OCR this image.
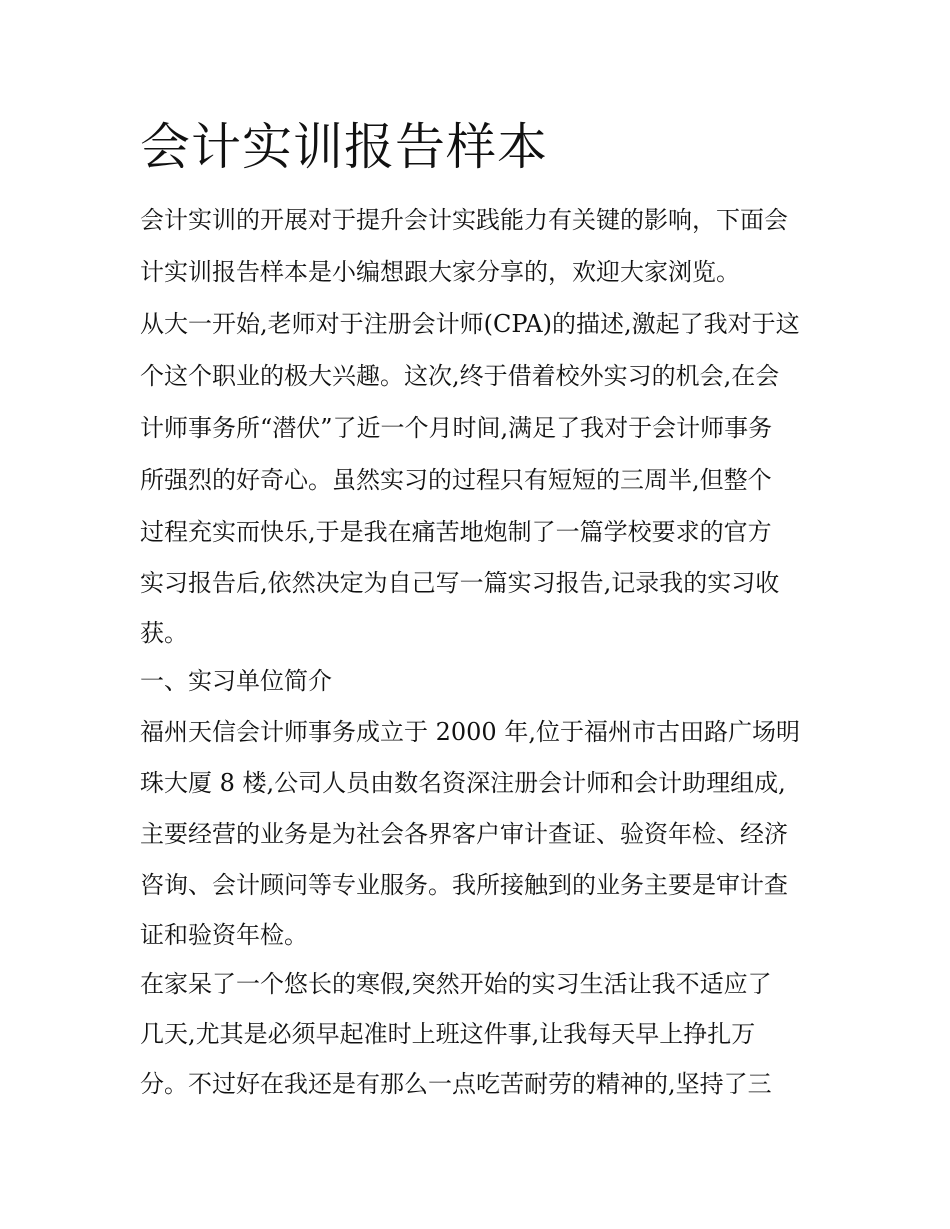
会计实训报告样本
会计实训的开展对于提升会计实践能力有关键的影响，下面会
计实训报告样本是小编想跟大家分享的，欢迎大家浏览。
从大一开始,老师对于注册会计师(CPA)的描述,激起了我对于这
个这个职业的极大兴趣。这次,终于借着校外实习的机会,在会
计师事务所“潜伏”了近一个月时间,满足了我对于会计师事务
所强烈的好奇心。虽然实习的过程只有短短的三周半,但整个
过程充实而快乐,于是我在痛苦地炮制了一篇学校要求的官方
实习报告后,依然决定为自己写一篇实习报告,记录我的实习收
获。
一、实习单位简介
福州天信会计师事务成立于 2000 年,位于福州市古田路广场明
珠大厦 8 楼,公司人员由数名资深注册会计师和会计助理组成,
主要经营的业务是为社会各界客户审计查证、验资年检、经济
咨询、会计顾问等专业服务。我所接触到的业务主要是审计查
证和验资年检。
在家呆了一个悠长的寒假,突然开始的实习生活让我不适应了
几天,尤其是必须早起准时上班这件事,让我每天早上挣扎万
分。不过好在我还是有那么一点吃苦耐劳的精神的,坚持了三
